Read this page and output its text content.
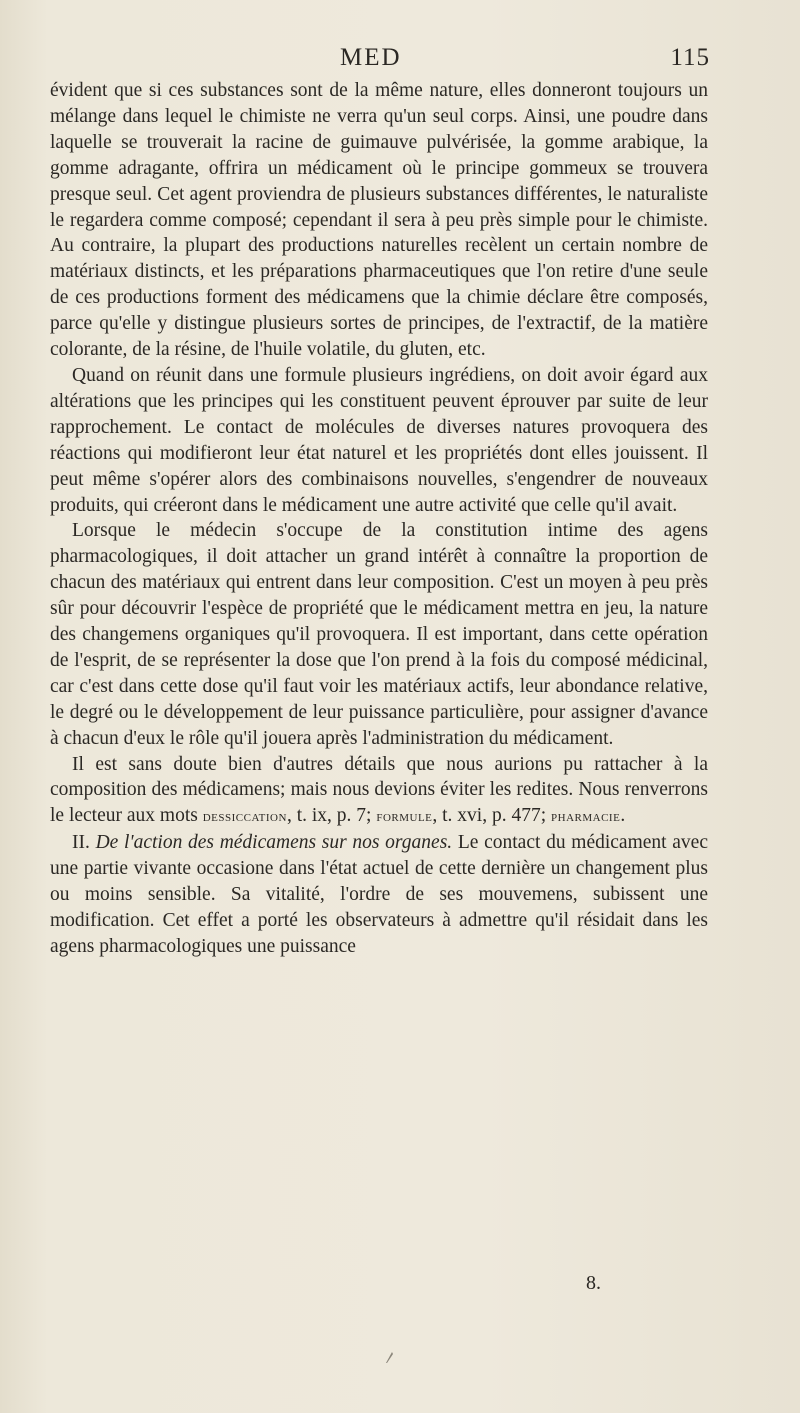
MED	115

évident que si ces substances sont de la même nature, elles donneront toujours un mélange dans lequel le chimiste ne verra qu'un seul corps. Ainsi, une poudre dans laquelle se trouverait la racine de guimauve pulvérisée, la gomme arabique, la gomme adragante, offrira un médicament où le principe gommeux se trouvera presque seul. Cet agent proviendra de plusieurs substances différentes, le naturaliste le regardera comme composé; cependant il sera à peu près simple pour le chimiste. Au contraire, la plupart des productions naturelles recèlent un certain nombre de matériaux distincts, et les préparations pharmaceutiques que l'on retire d'une seule de ces productions forment des médicamens que la chimie déclare être composés, parce qu'elle y distingue plusieurs sortes de principes, de l'extractif, de la matière colorante, de la résine, de l'huile volatile, du gluten, etc.

Quand on réunit dans une formule plusieurs ingrédiens, on doit avoir égard aux altérations que les principes qui les constituent peuvent éprouver par suite de leur rapprochement. Le contact de molécules de diverses natures provoquera des réactions qui modifieront leur état naturel et les propriétés dont elles jouissent. Il peut même s'opérer alors des combinaisons nouvelles, s'engendrer de nouveaux produits, qui créeront dans le médicament une autre activité que celle qu'il avait.

Lorsque le médecin s'occupe de la constitution intime des agens pharmacologiques, il doit attacher un grand intérêt à connaître la proportion de chacun des matériaux qui entrent dans leur composition. C'est un moyen à peu près sûr pour découvrir l'espèce de propriété que le médicament mettra en jeu, la nature des changemens organiques qu'il provoquera. Il est important, dans cette opération de l'esprit, de se représenter la dose que l'on prend à la fois du composé médicinal, car c'est dans cette dose qu'il faut voir les matériaux actifs, leur abondance relative, le degré ou le développement de leur puissance particulière, pour assigner d'avance à chacun d'eux le rôle qu'il jouera après l'administration du médicament.

Il est sans doute bien d'autres détails que nous aurions pu rattacher à la composition des médicamens; mais nous devions éviter les redites. Nous renverrons le lecteur aux mots dessiccation, t. ix, p. 7; formule, t. xvi, p. 477; pharmacie.

II. De l'action des médicamens sur nos organes. Le contact du médicament avec une partie vivante occasione dans l'état actuel de cette dernière un changement plus ou moins sensible. Sa vitalité, l'ordre de ses mouvemens, subissent une modification. Cet effet a porté les observateurs à admettre qu'il résidait dans les agens pharmacologiques une puissance

8.
